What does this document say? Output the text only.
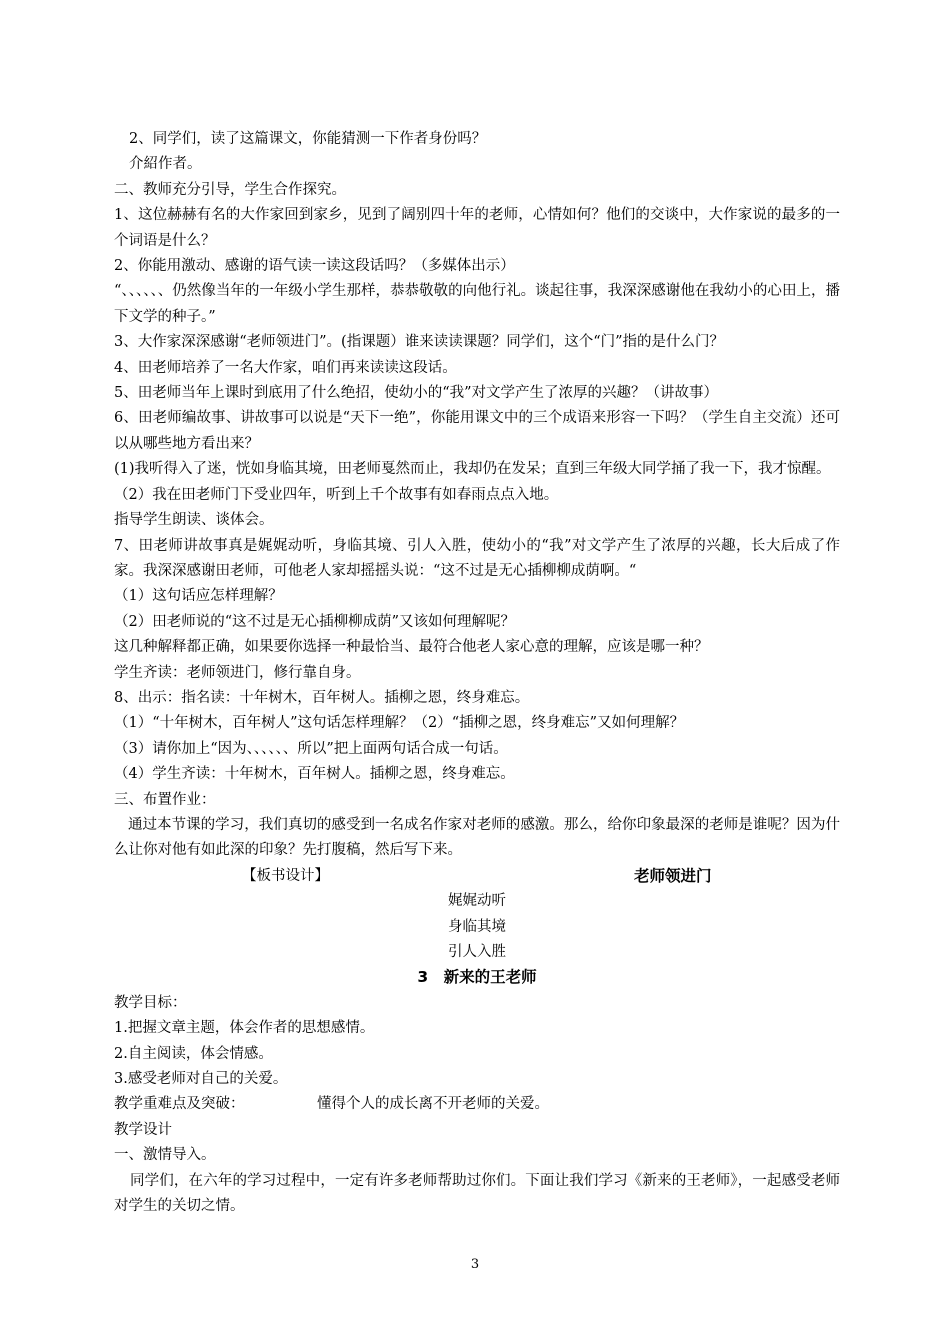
2、同学们，读了这篇课文，你能猜测一下作者身份吗？

介紹作者。

二、教师充分引导，学生合作探究。

1、这位赫赫有名的大作家回到家乡，见到了阔别四十年的老师，心情如何？他们的交谈中，大作家说的最多的一个词语是什么？

2、你能用激动、感谢的语气读一读这段话吗？（多媒体出示）

“、、、、、、仍然像当年的一年级小学生那样，恭恭敬敬的向他行礼。谈起往事，我深深感谢他在我幼小的心田上，播下文学的种子。”

3、大作家深深感谢“老师领进门”。(指课题）谁来读读课题？同学们，这个“门”指的是什么门？

4、田老师培养了一名大作家，咱们再来读读这段话。

5、田老师当年上课时到底用了什么绝招，使幼小的“我”对文学产生了浓厚的兴趣？（讲故事）

6、田老师编故事、讲故事可以说是“天下一绝”，你能用课文中的三个成语来形容一下吗？（学生自主交流）还可以从哪些地方看出来？

(1)我听得入了迷，恍如身临其境，田老师戛然而止，我却仍在发呆；直到三年级大同学捅了我一下，我才惊醒。

（2）我在田老师门下受业四年，听到上千个故事有如春雨点点入地。

指导学生朗读、谈体会。

7、田老师讲故事真是娓娓动听，身临其境、引人入胜，使幼小的“我”对文学产生了浓厚的兴趣，长大后成了作家。我深深感谢田老师，可他老人家却摇摇头说：“这不过是无心插柳柳成荫啊。“

（1）这句话应怎样理解？

（2）田老师说的“这不过是无心插柳柳成荫”又该如何理解呢？

这几种解释都正确，如果要你选择一种最恰当、最符合他老人家心意的理解，应该是哪一种？

学生齐读：老师领进门，修行靠自身。

8、出示：指名读：十年树木，百年树人。插柳之恩，终身难忘。

（1）“十年树木，百年树人”这句话怎样理解？（2）“插柳之恩，终身难忘”又如何理解？

（3）请你加上“因为、、、、、、所以”把上面两句话合成一句话。

（4）学生齐读：十年树木，百年树人。插柳之恩，终身难忘。

三、布置作业：

通过本节课的学习，我们真切的感受到一名成名作家对老师的感激。那么，给你印象最深的老师是谁呢？因为什么让你对他有如此深的印象？先打腹稿，然后写下来。

【板书设计】	老师领进门

娓娓动听

身临其境

引人入胜

3　新来的王老师

教学目标：

1.把握文章主题，体会作者的思想感情。

2.自主阅读，体会情感。

3.感受老师对自己的关爱。

教学重难点及突破：	懂得个人的成长离不开老师的关爱。

教学设计

一、激情导入。

同学们，在六年的学习过程中，一定有许多老师帮助过你们。下面让我们学习《新来的王老师》，一起感受老师对学生的关切之情。

3
